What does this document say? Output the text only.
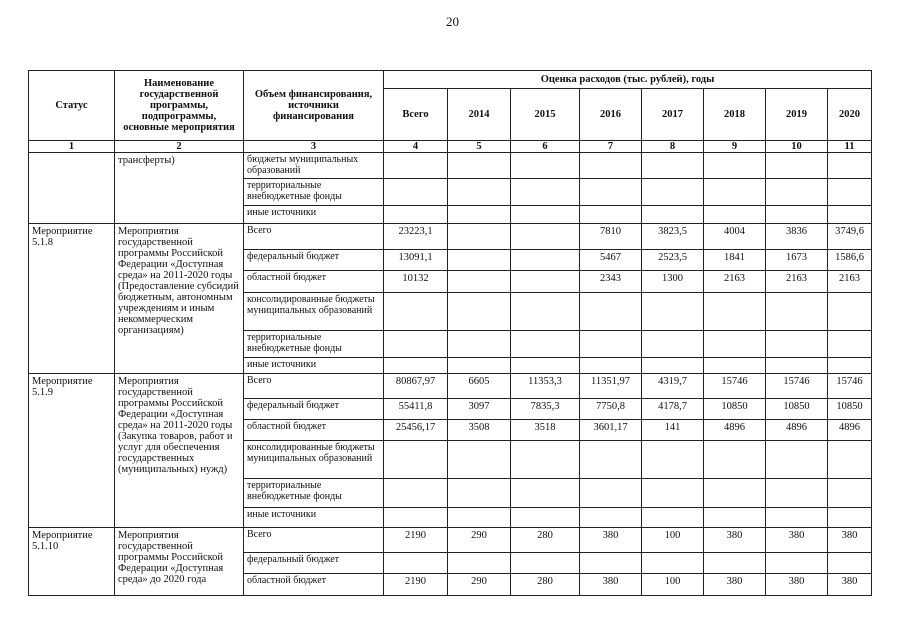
20
Статус	Наименование государственной программы, подпрограммы, основные мероприятия	Объем финансирования, источники финансирования	Оценка расходов (тыс. рублей), годы							
			Всего	2014	2015	2016	2017	2018	2019	2020
1	2	3	4	5	6	7	8	9	10	11
	трансферты)	бюджеты муниципальных образований								
		территориальные внебюджетные фонды								
		иные источники								
Мероприятие 5.1.8	Мероприятия государственной программы Российской Федерации «Доступная среда» на 2011-2020 годы (Предоставление субсидий бюджетным, автономным учреждениям и иным некоммерческим организациям)	Всего	23223,1			7810	3823,5	4004	3836	3749,6
		федеральный бюджет	13091,1			5467	2523,5	1841	1673	1586,6
		областной бюджет	10132			2343	1300	2163	2163	2163
		консолидированные бюджеты муниципальных образований								
		территориальные внебюджетные фонды								
		иные источники								
Мероприятие 5.1.9	Мероприятия государственной программы Российской Федерации «Доступная среда» на 2011-2020 годы (Закупка товаров, работ и услуг для обеспечения государственных (муниципальных) нужд)	Всего	80867,97	6605	11353,3	11351,97	4319,7	15746	15746	15746
		федеральный бюджет	55411,8	3097	7835,3	7750,8	4178,7	10850	10850	10850
		областной бюджет	25456,17	3508	3518	3601,17	141	4896	4896	4896
		консолидированные бюджеты муниципальных образований								
		территориальные внебюджетные фонды								
		иные источники								
Мероприятие 5.1.10	Мероприятия государственной программы Российской Федерации «Доступная среда» до 2020 года	Всего	2190	290	280	380	100	380	380	380
		федеральный бюджет								
		областной бюджет	2190	290	280	380	100	380	380	380
